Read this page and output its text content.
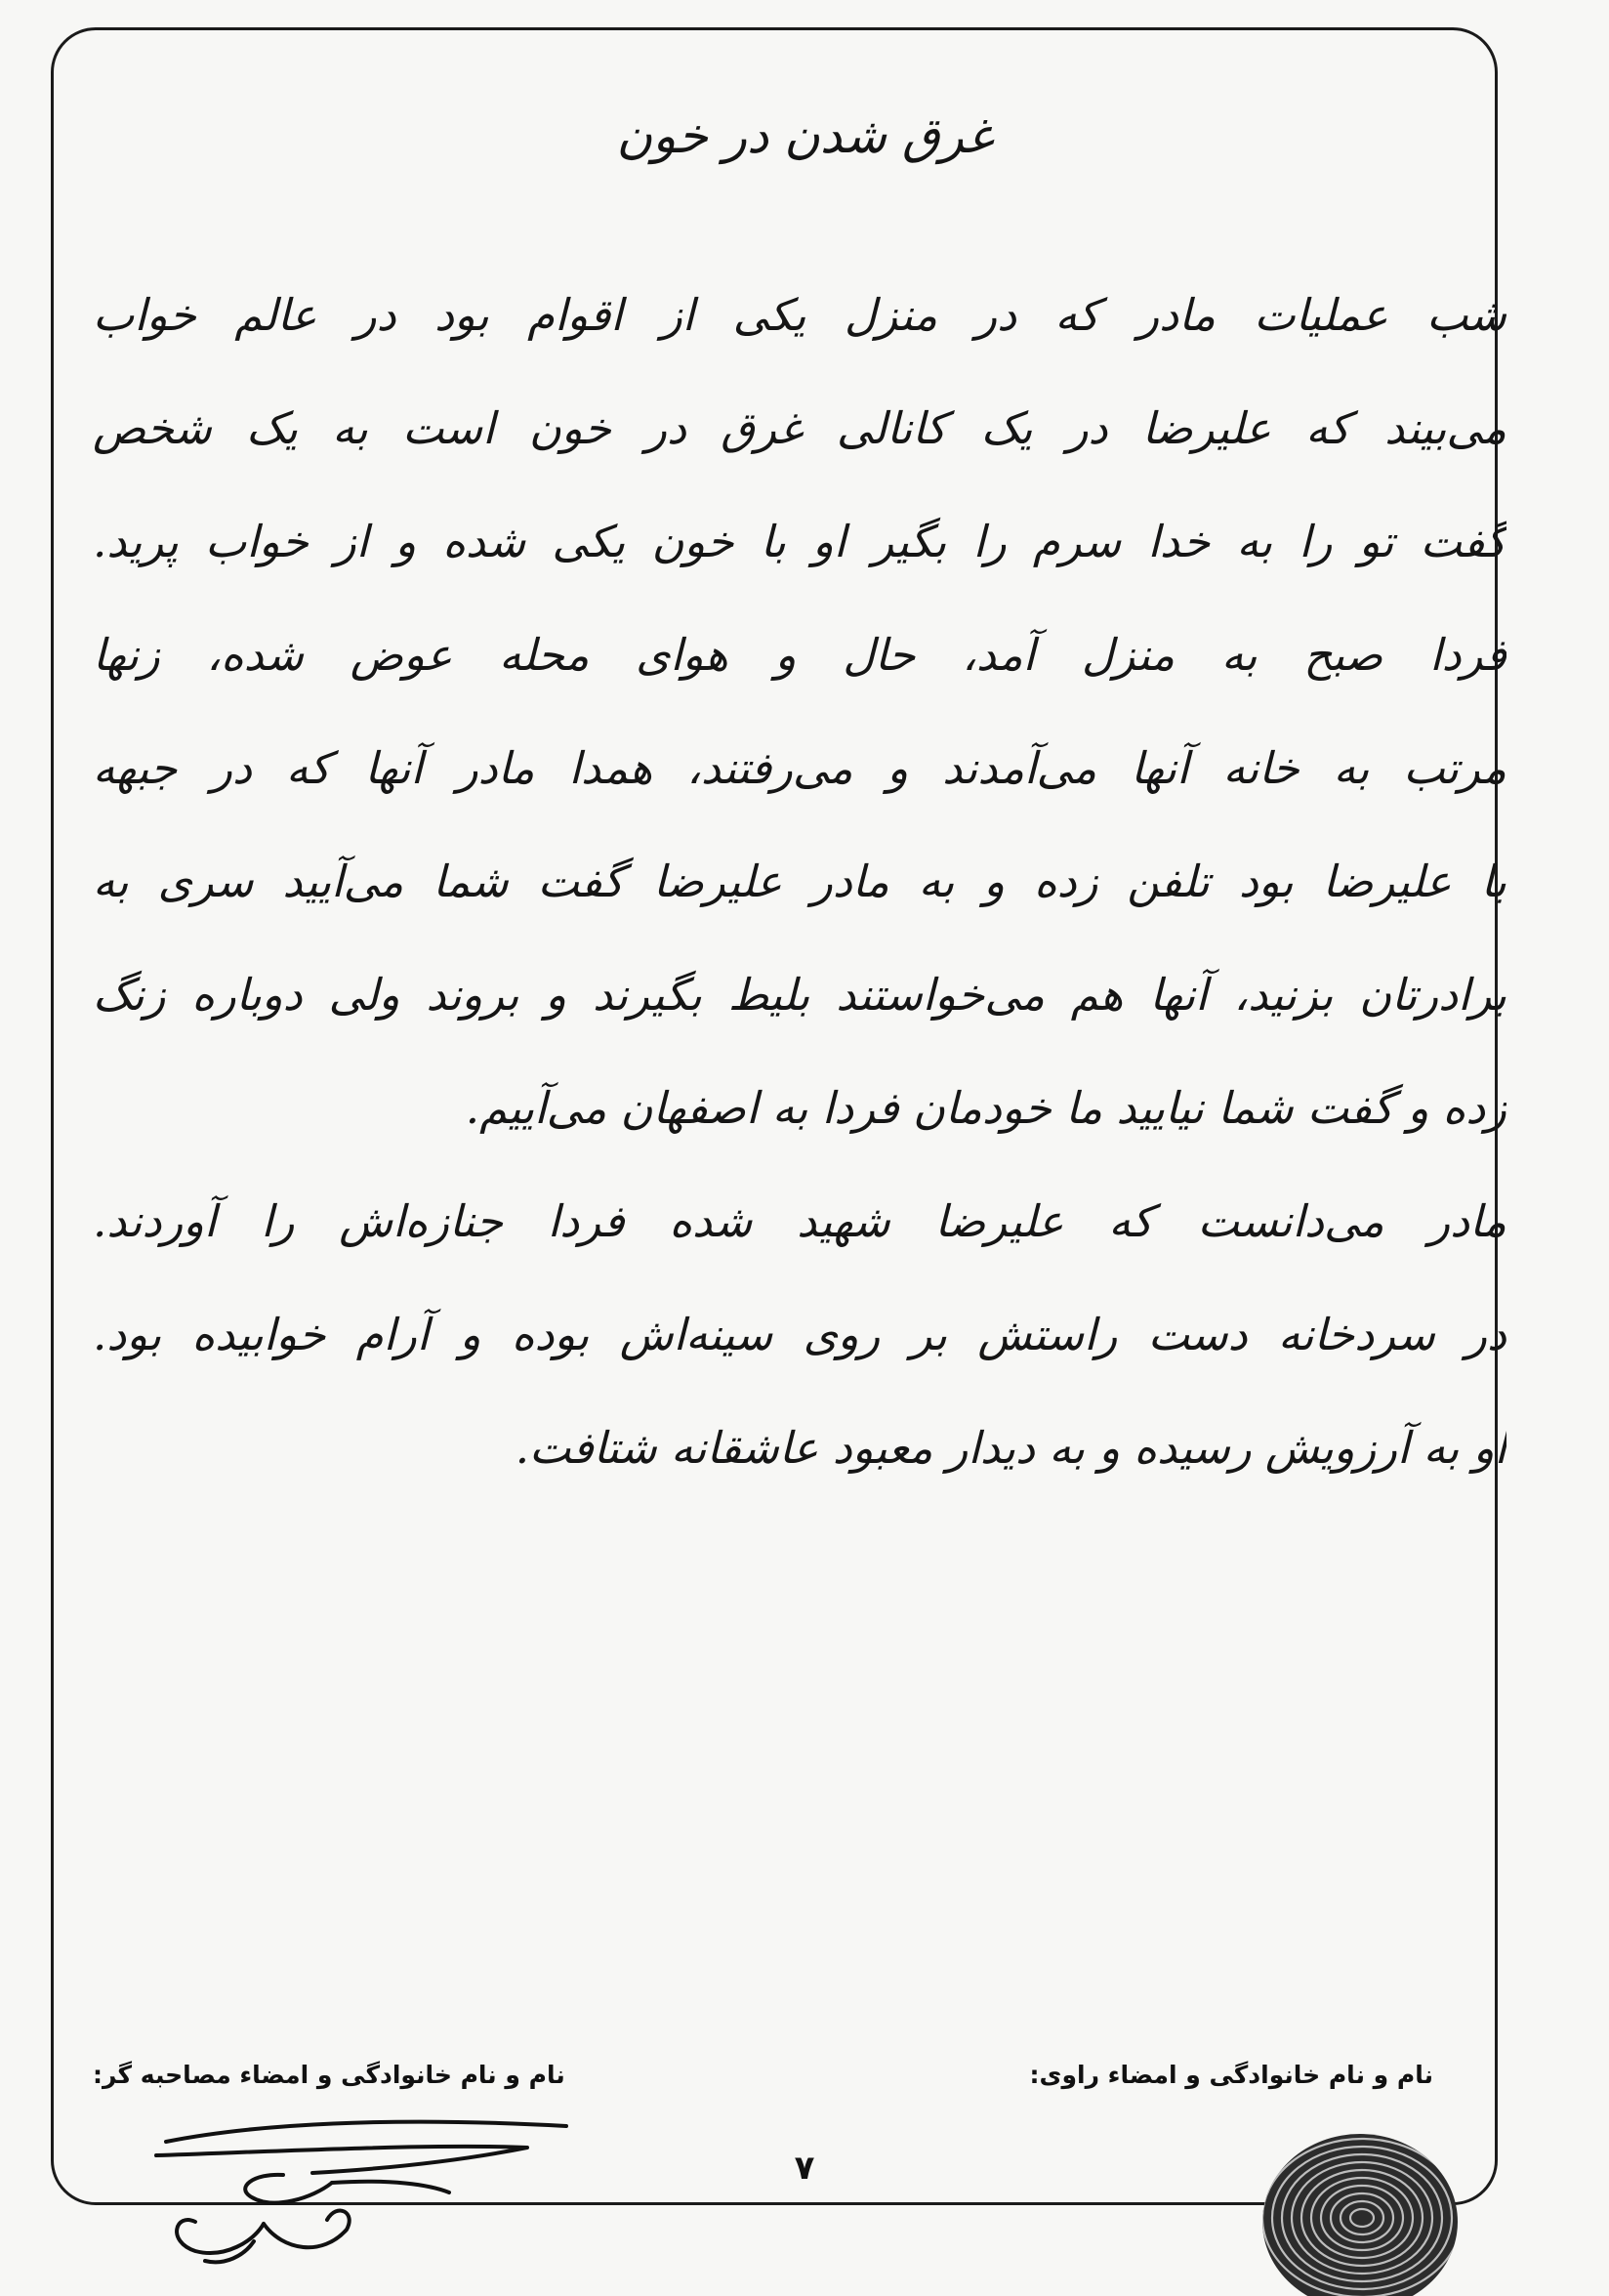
غرق شدن در خون
شب عملیات مادر که در منزل یکی از اقوام بود در عالم خواب
می‌بیند که علیرضا در یک کانالی غرق در خون است به یک شخص
گفت تو را به خدا سرم را بگیر او با خون یکی شده و از خواب پرید.
فردا صبح به منزل آمد، حال و هوای محله عوض شده، زنها
مرتب به خانه آنها می‌آمدند و می‌رفتند، همدا مادر آنها که در جبهه
با علیرضا بود تلفن زده و به مادر علیرضا گفت شما می‌آیید سری به
برادرتان بزنید، آنها هم می‌خواستند بلیط بگیرند و بروند ولی دوباره زنگ
زده و گفت شما نیایید ما خودمان فردا به اصفهان می‌آییم.
مادر می‌دانست که علیرضا شهید شده فردا جنازه‌اش را آوردند.
در سردخانه دست راستش بر روی سینه‌اش بوده و آرام خوابیده بود.
او به آرزویش رسیده و به دیدار معبود عاشقانه شتافت.
نام و نام خانوادگی و امضاء راوی:
نام و نام خانوادگی و امضاء مصاحبه گر:
۷
